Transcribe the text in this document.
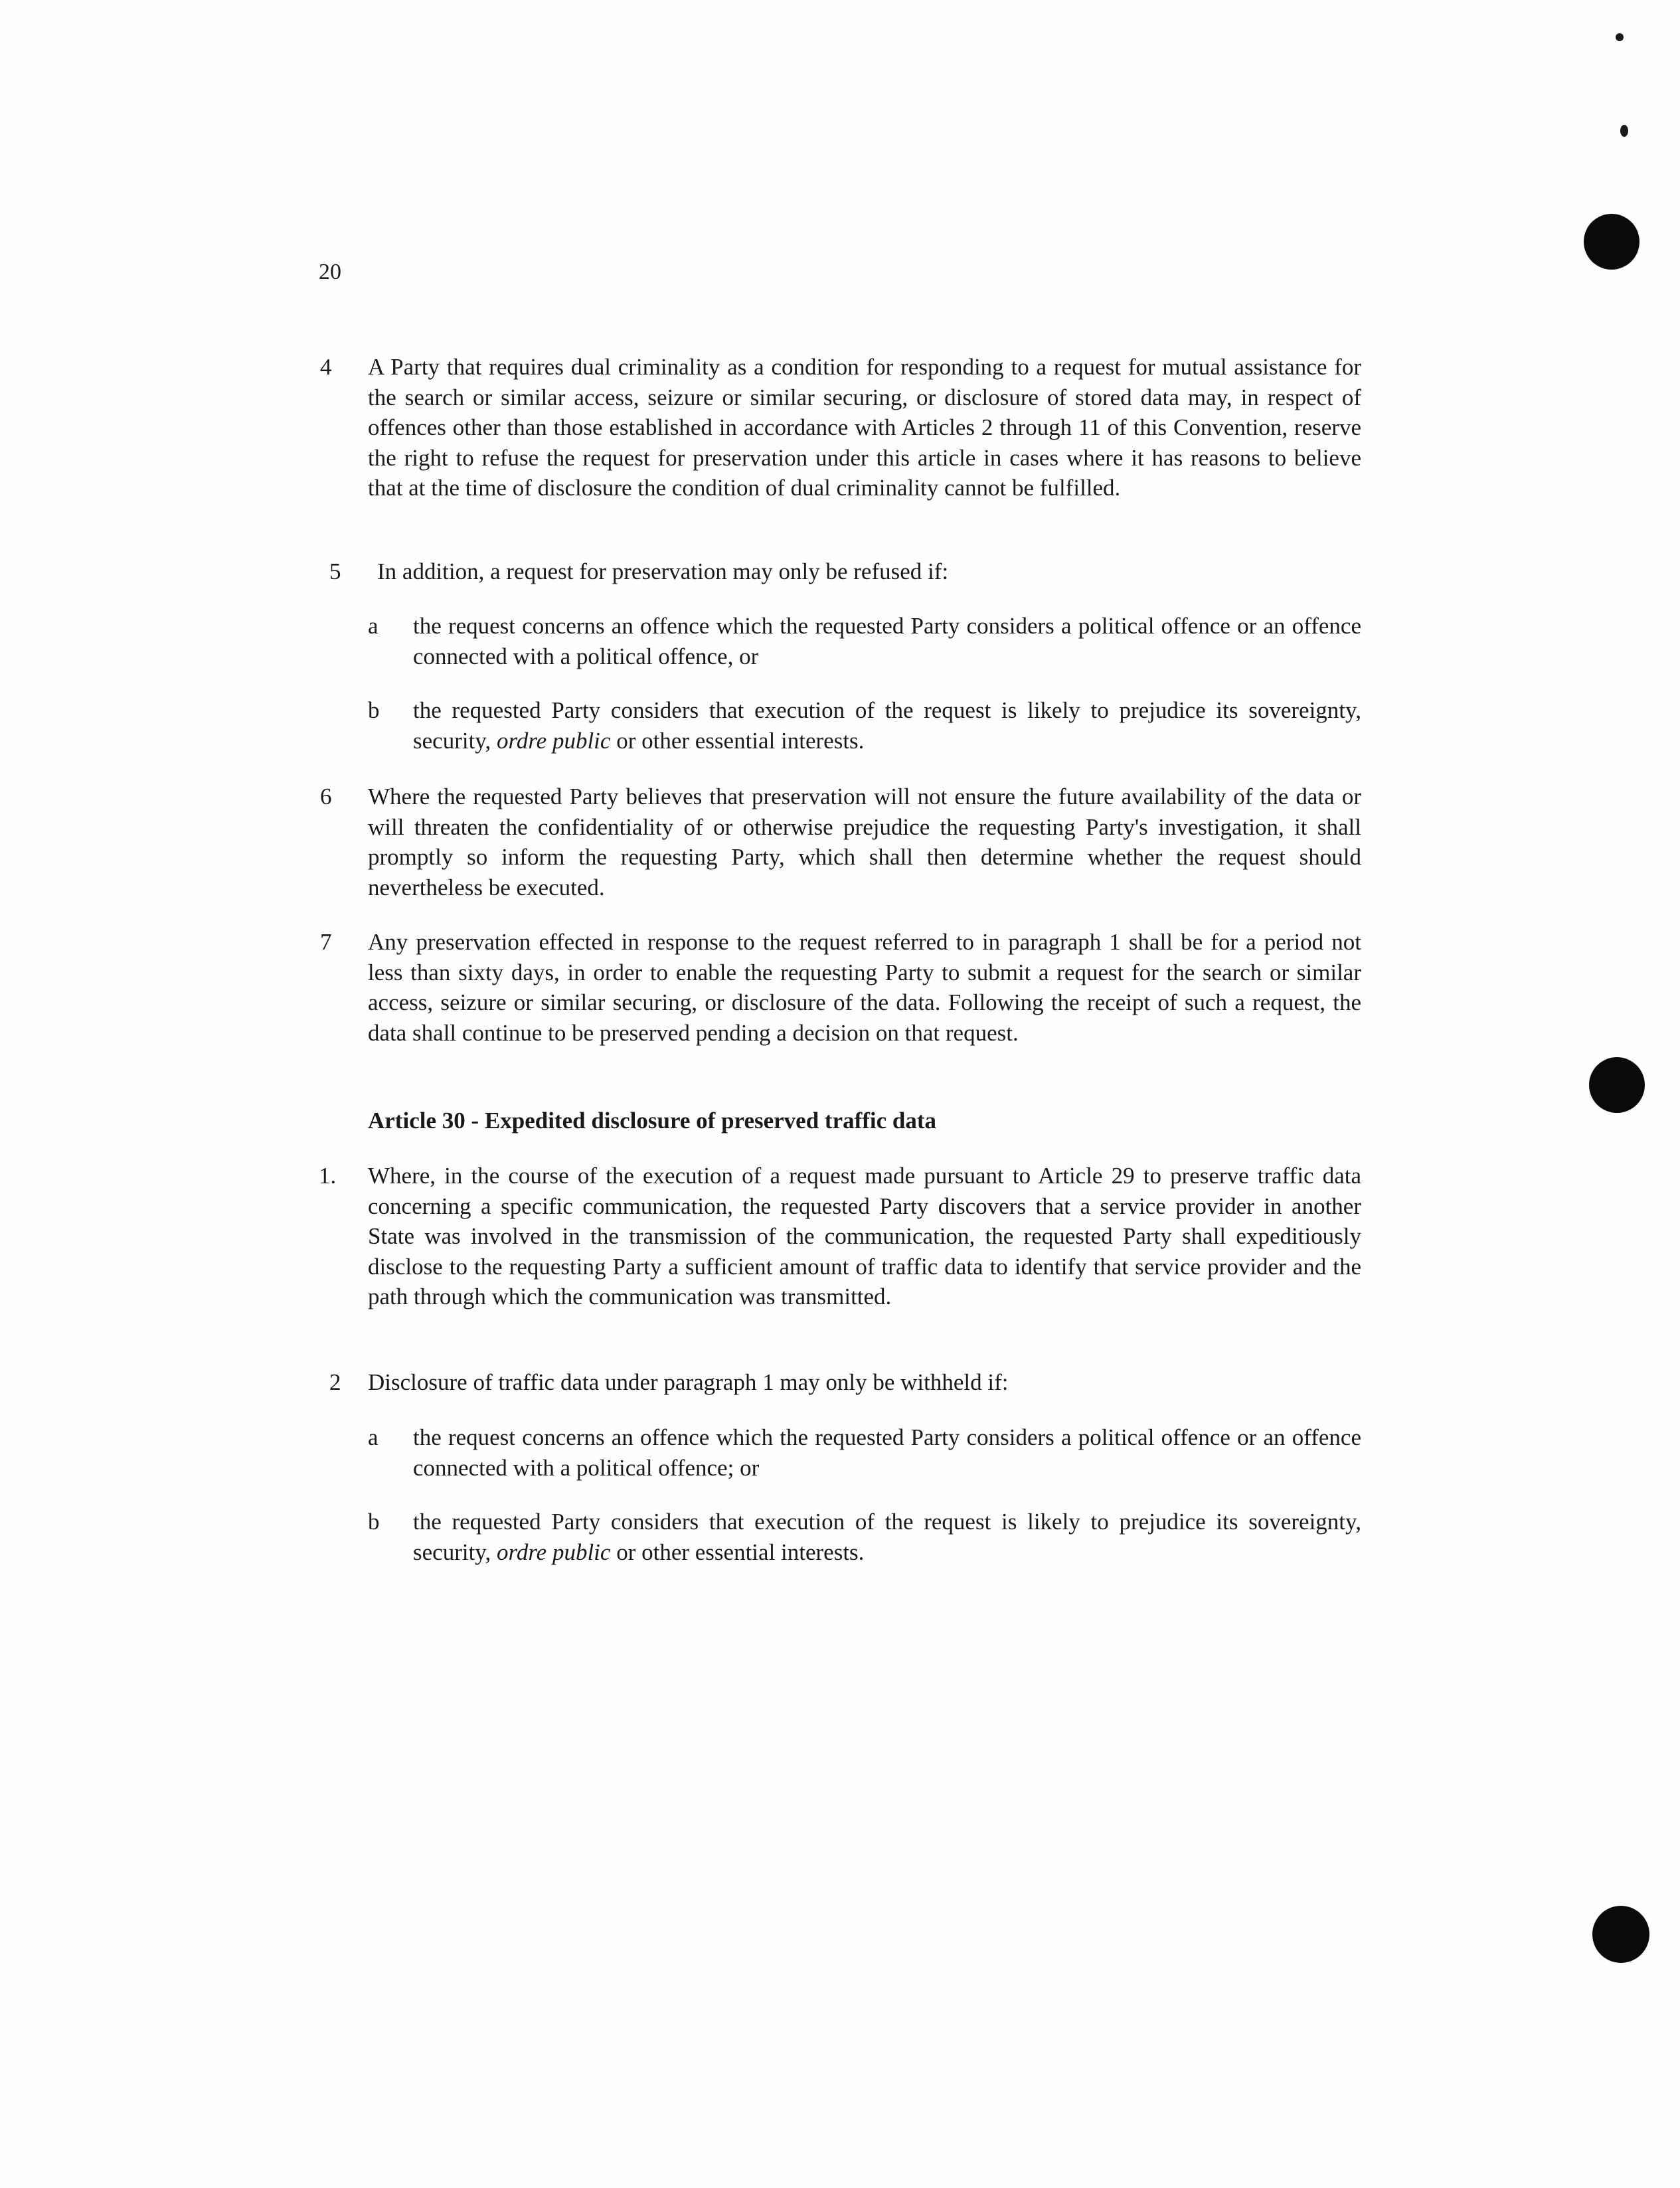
20
4	A Party that requires dual criminality as a condition for responding to a request for mutual assistance for the search or similar access, seizure or similar securing, or disclosure of stored data may, in respect of offences other than those established in accordance with Articles 2 through 11 of this Convention, reserve the right to refuse the request for preservation under this article in cases where it has reasons to believe that at the time of disclosure the condition of dual criminality cannot be fulfilled.
5	In addition, a request for preservation may only be refused if:
a	the request concerns an offence which the requested Party considers a political offence or an offence connected with a political offence, or
b	the requested Party considers that execution of the request is likely to prejudice its sovereignty, security, ordre public or other essential interests.
6	Where the requested Party believes that preservation will not ensure the future availability of the data or will threaten the confidentiality of or otherwise prejudice the requesting Party's investigation, it shall promptly so inform the requesting Party, which shall then determine whether the request should nevertheless be executed.
7	Any preservation effected in response to the request referred to in paragraph 1 shall be for a period not less than sixty days, in order to enable the requesting Party to submit a request for the search or similar access, seizure or similar securing, or disclosure of the data. Following the receipt of such a request, the data shall continue to be preserved pending a decision on that request.
Article 30 - Expedited disclosure of preserved traffic data
1.	Where, in the course of the execution of a request made pursuant to Article 29 to preserve traffic data concerning a specific communication, the requested Party discovers that a service provider in another State was involved in the transmission of the communication, the requested Party shall expeditiously disclose to the requesting Party a sufficient amount of traffic data to identify that service provider and the path through which the communication was transmitted.
2	Disclosure of traffic data under paragraph 1 may only be withheld if:
a	the request concerns an offence which the requested Party considers a political offence or an offence connected with a political offence; or
b	the requested Party considers that execution of the request is likely to prejudice its sovereignty, security, ordre public or other essential interests.
